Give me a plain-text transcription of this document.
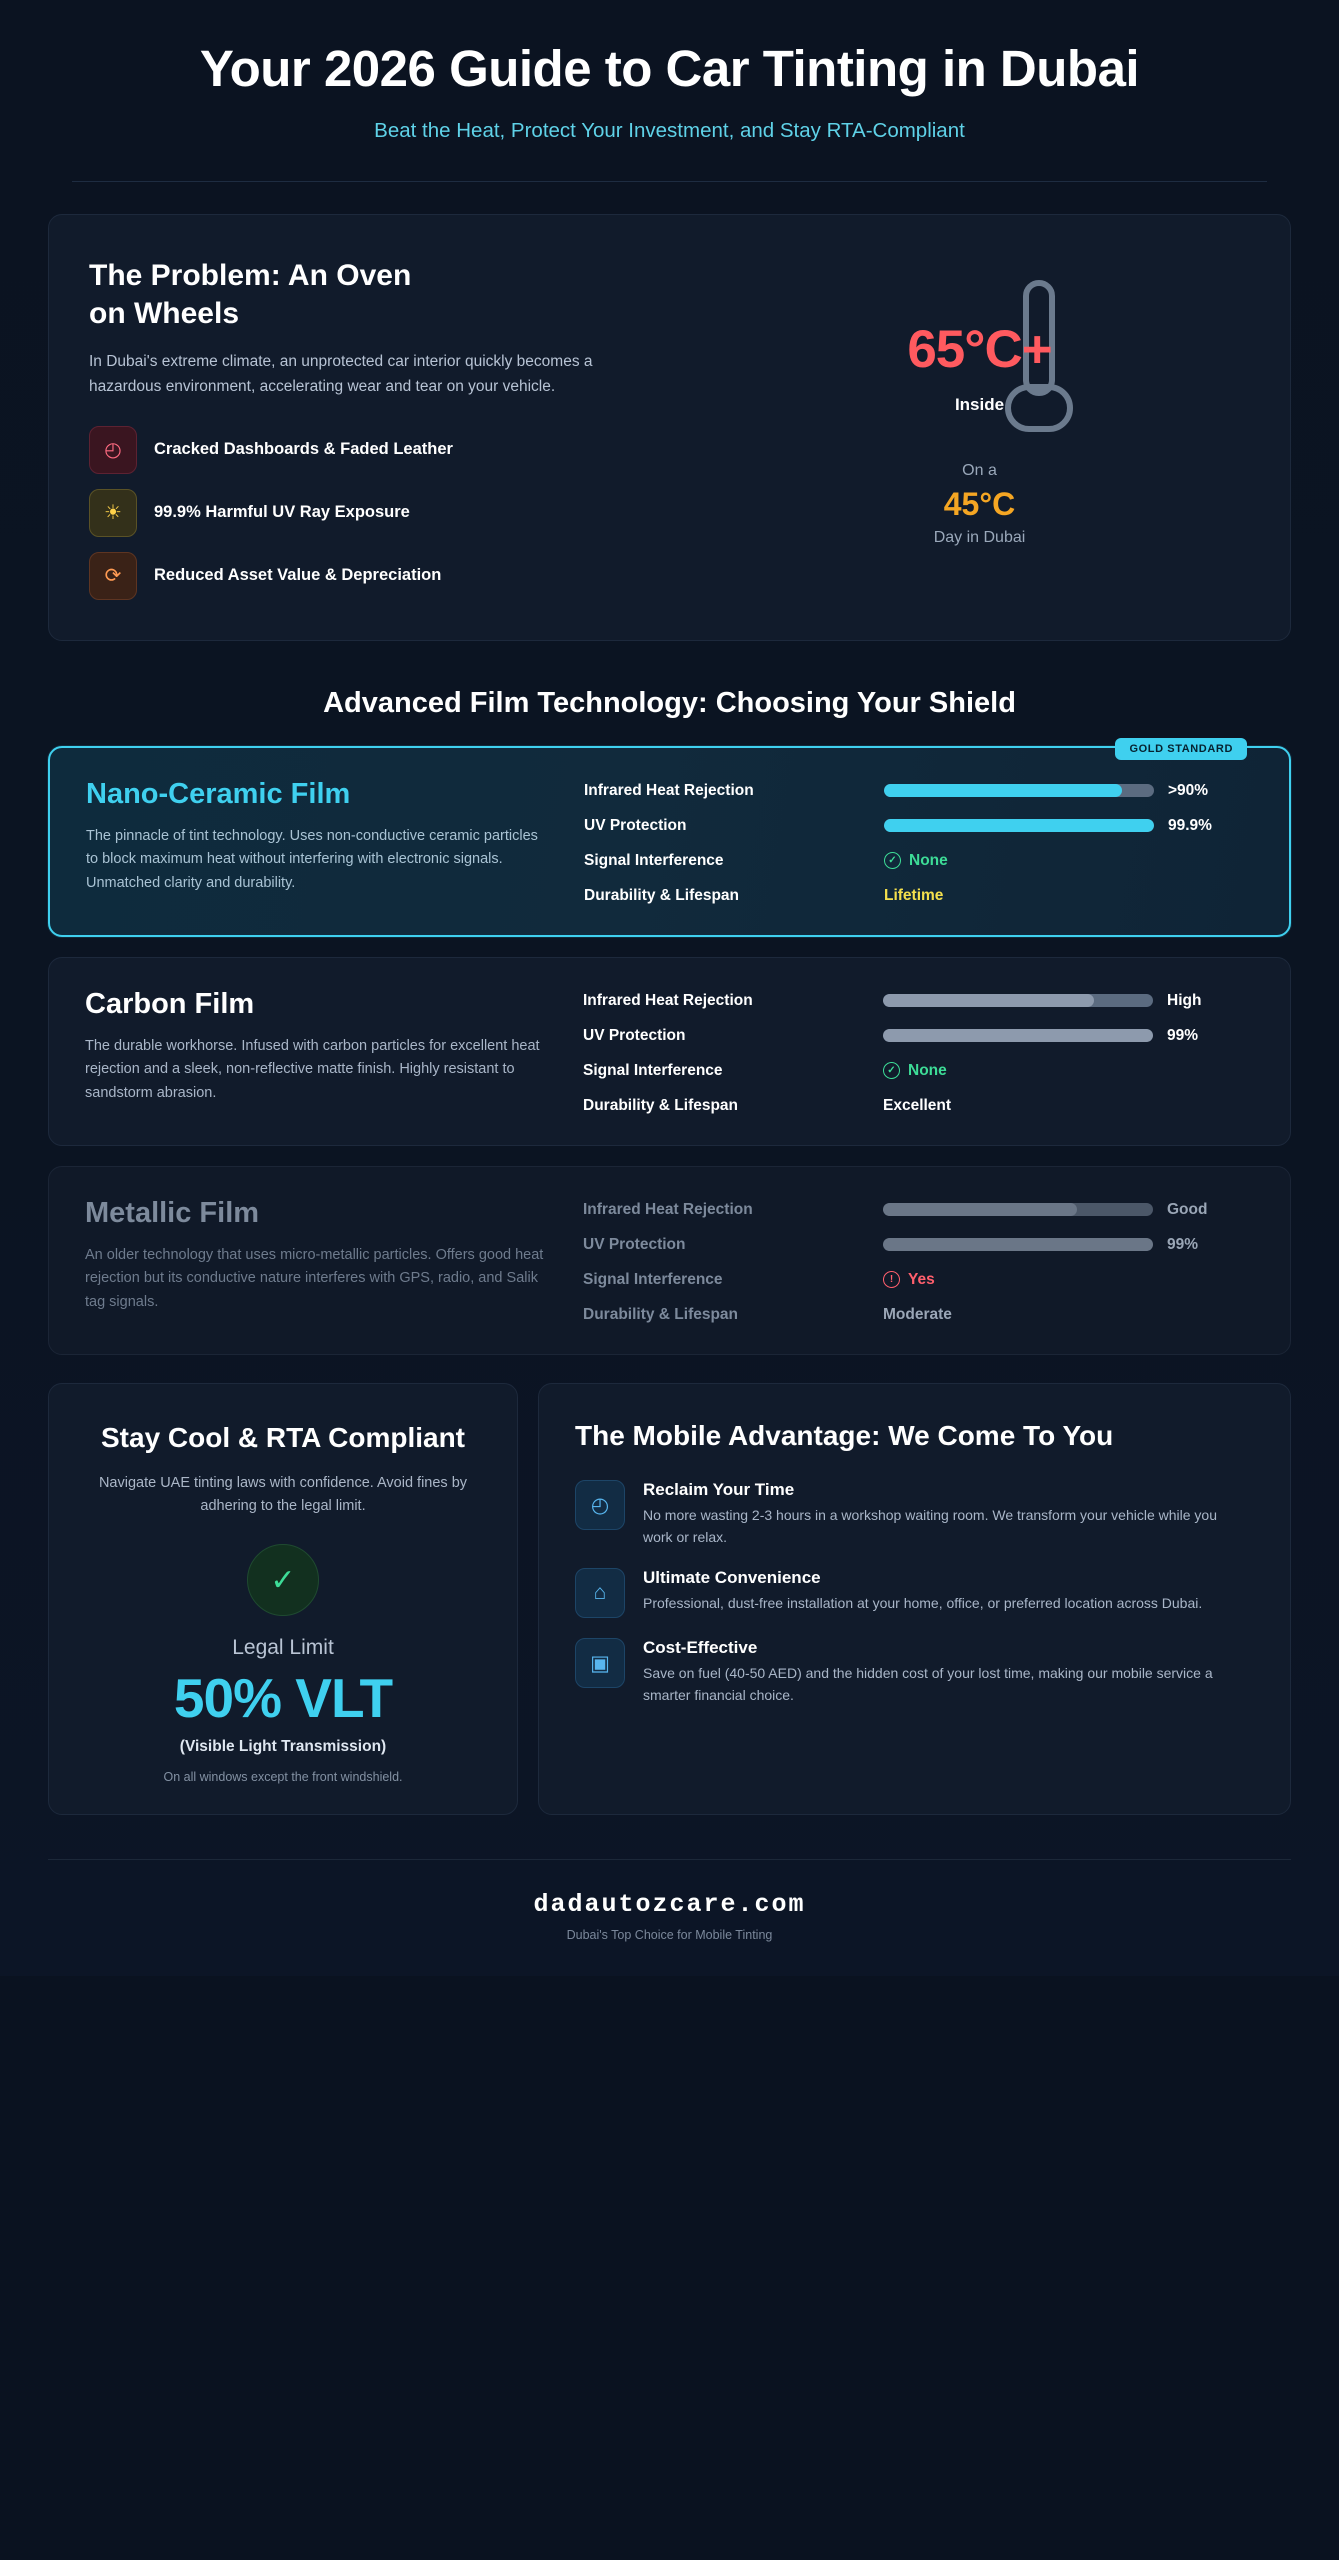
Your 2026 Guide to Car Tinting in Dubai
Beat the Heat, Protect Your Investment, and Stay RTA-Compliant
The Problem: An Oven on Wheels

In Dubai's extreme climate, an unprotected car interior quickly becomes a hazardous environment, accelerating wear and tear on your vehicle.

◴	Cracked Dashboards & Faded Leather
☀	99.9% Harmful UV Ray Exposure
⟳	Reduced Asset Value & Depreciation
65°C+
Inside
On a
45°C
Day in Dubai
Advanced Film Technology: Choosing Your Shield
GOLD STANDARD
Nano-Ceramic Film

The pinnacle of tint technology. Uses non-conductive ceramic particles to block maximum heat without interfering with electronic signals. Unmatched clarity and durability.

Infrared Heat Rejection	>90%
UV Protection	99.9%
Signal Interference	✓ None
Durability & Lifespan	Lifetime
Carbon Film

The durable workhorse. Infused with carbon particles for excellent heat rejection and a sleek, non-reflective matte finish. Highly resistant to sandstorm abrasion.

Infrared Heat Rejection	High
UV Protection	99%
Signal Interference	✓ None
Durability & Lifespan	Excellent
Metallic Film

An older technology that uses micro-metallic particles. Offers good heat rejection but its conductive nature interferes with GPS, radio, and Salik tag signals.

Infrared Heat Rejection	Good
UV Protection	99%
Signal Interference	! Yes
Durability & Lifespan	Moderate
Stay Cool & RTA Compliant

Navigate UAE tinting laws with confidence. Avoid fines by adhering to the legal limit.

✓
Legal Limit
50% VLT
(Visible Light Transmission)
On all windows except the front windshield.
The Mobile Advantage: We Come To You
◴
Reclaim Your Time

No more wasting 2-3 hours in a workshop waiting room. We transform your vehicle while you work or relax.

⌂
Ultimate Convenience

Professional, dust-free installation at your home, office, or preferred location across Dubai.

▣
Cost-Effective

Save on fuel (40-50 AED) and the hidden cost of your lost time, making our mobile service a smarter financial choice.

dadautozcare.com
Dubai's Top Choice for Mobile Tinting
